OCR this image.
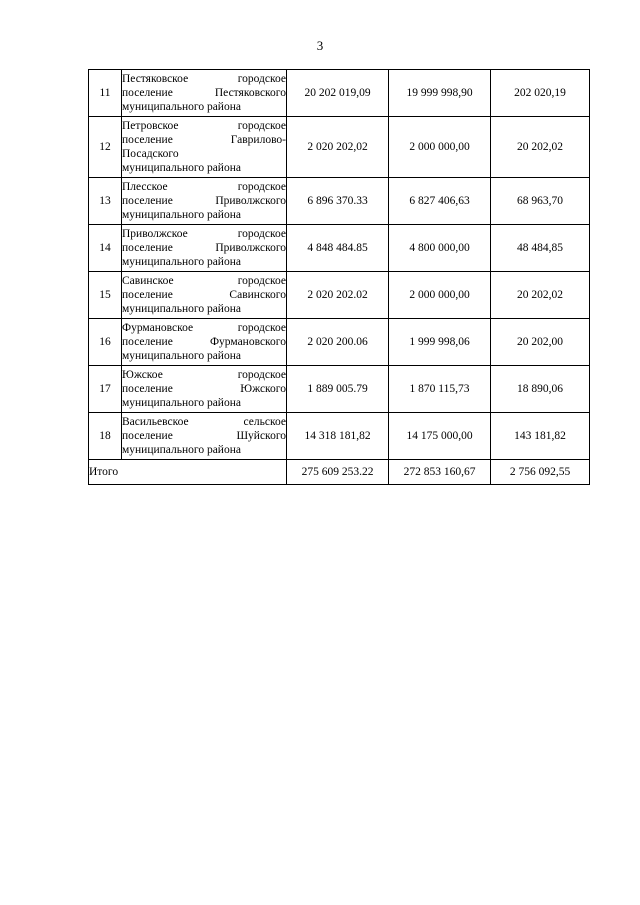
3
11	Пестяковское городское
поселение Пестяковского
муниципального района	20 202 019,09	19 999 998,90	202 020,19
12	Петровское городское
поселение Гаврилово-
Посадского
муниципального района	2 020 202,02	2 000 000,00	20 202,02
13	Плесское городское
поселение Приволжского
муниципального района	6 896 370.33	6 827 406,63	68 963,70
14	Приволжское городское
поселение Приволжского
муниципального района	4 848 484.85	4 800 000,00	48 484,85
15	Савинское городское
поселение Савинского
муниципального района	2 020 202.02	2 000 000,00	20 202,02
16	Фурмановское городское
поселение Фурмановского
муниципального района	2 020 200.06	1 999 998,06	20 202,00
17	Южское городское
поселение Южского
муниципального района	1 889 005.79	1 870 115,73	18 890,06
18	Васильевское сельское
поселение Шуйского
муниципального района	14 318 181,82	14 175 000,00	143 181,82
Итого		275 609 253.22	272 853 160,67	2 756 092,55
